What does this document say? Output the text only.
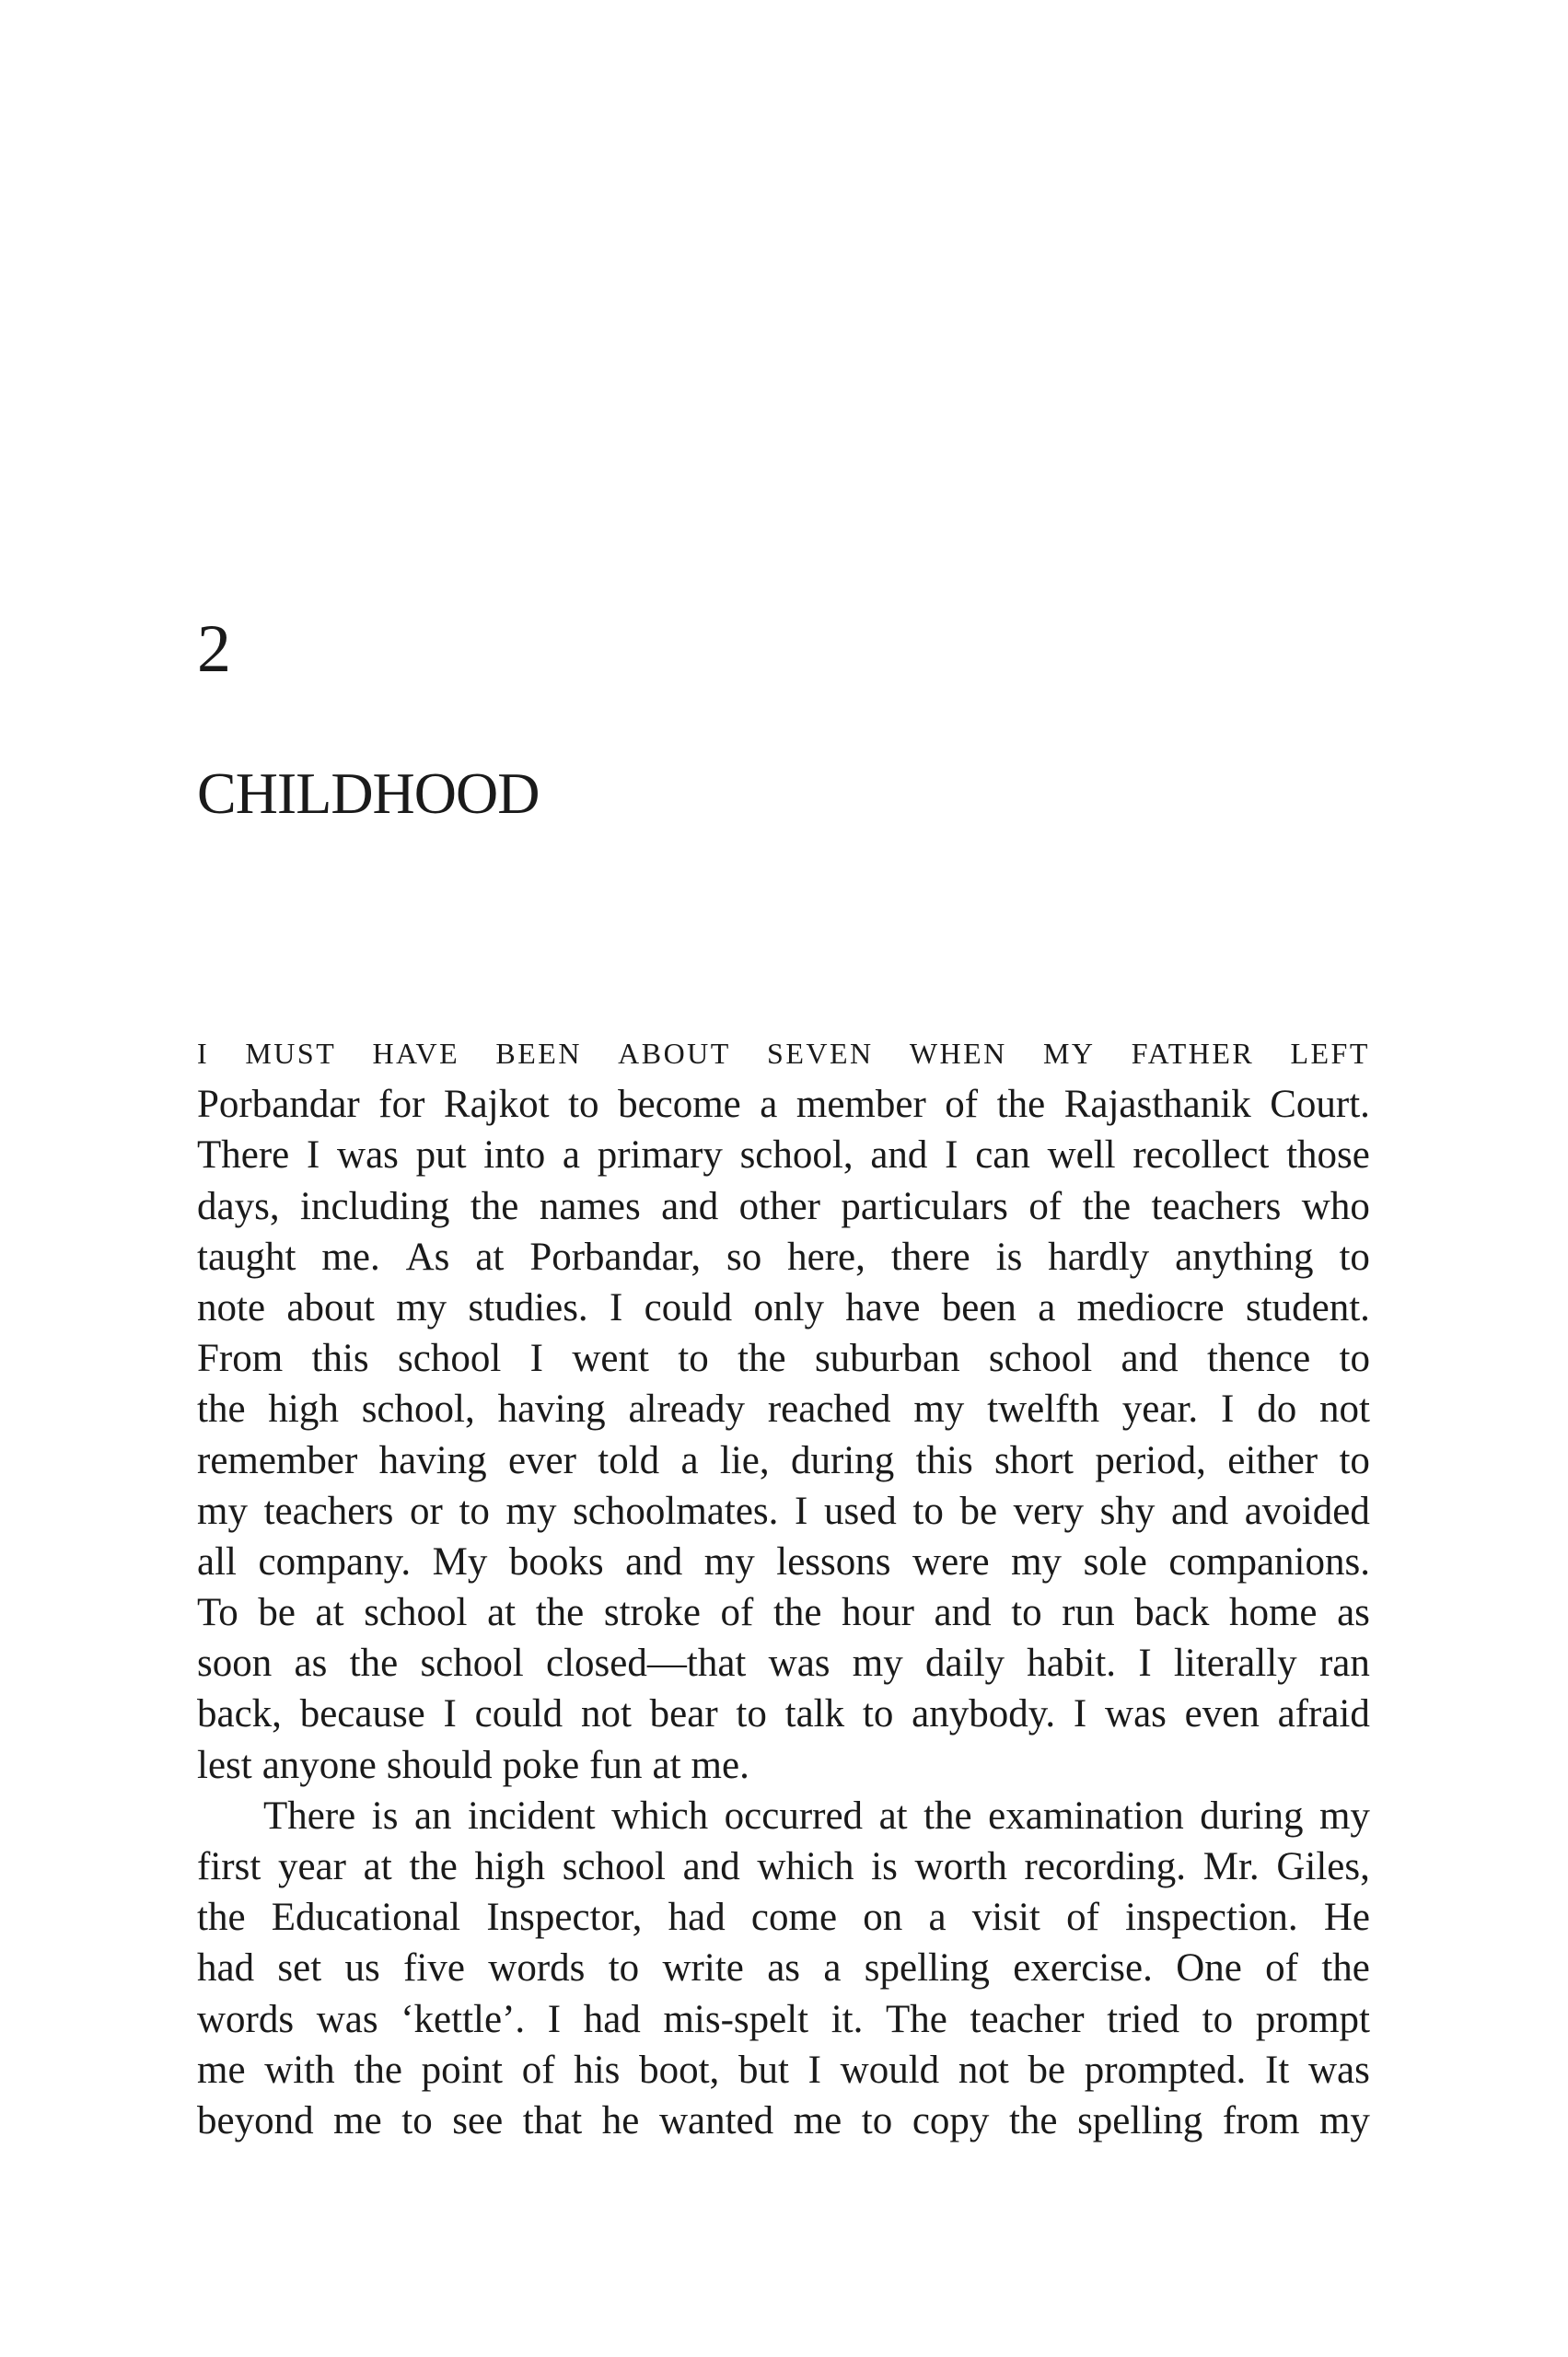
2
CHILDHOOD
I MUST HAVE BEEN ABOUT SEVEN WHEN MY FATHER LEFT
Porbandar for Rajkot to become a member of the Rajasthanik Court.
There I was put into a primary school, and I can well recollect those
days, including the names and other particulars of the teachers who
taught me. As at Porbandar, so here, there is hardly anything to
note about my studies. I could only have been a mediocre student.
From this school I went to the suburban school and thence to
the high school, having already reached my twelfth year. I do not
remember having ever told a lie, during this short period, either to
my teachers or to my schoolmates. I used to be very shy and avoided
all company. My books and my lessons were my sole companions.
To be at school at the stroke of the hour and to run back home as
soon as the school closed—that was my daily habit. I literally ran
back, because I could not bear to talk to anybody. I was even afraid
lest anyone should poke fun at me.
There is an incident which occurred at the examination during my
first year at the high school and which is worth recording. Mr. Giles,
the Educational Inspector, had come on a visit of inspection. He
had set us five words to write as a spelling exercise. One of the
words was ‘kettle’. I had mis-spelt it. The teacher tried to prompt
me with the point of his boot, but I would not be prompted. It was
beyond me to see that he wanted me to copy the spelling from my
